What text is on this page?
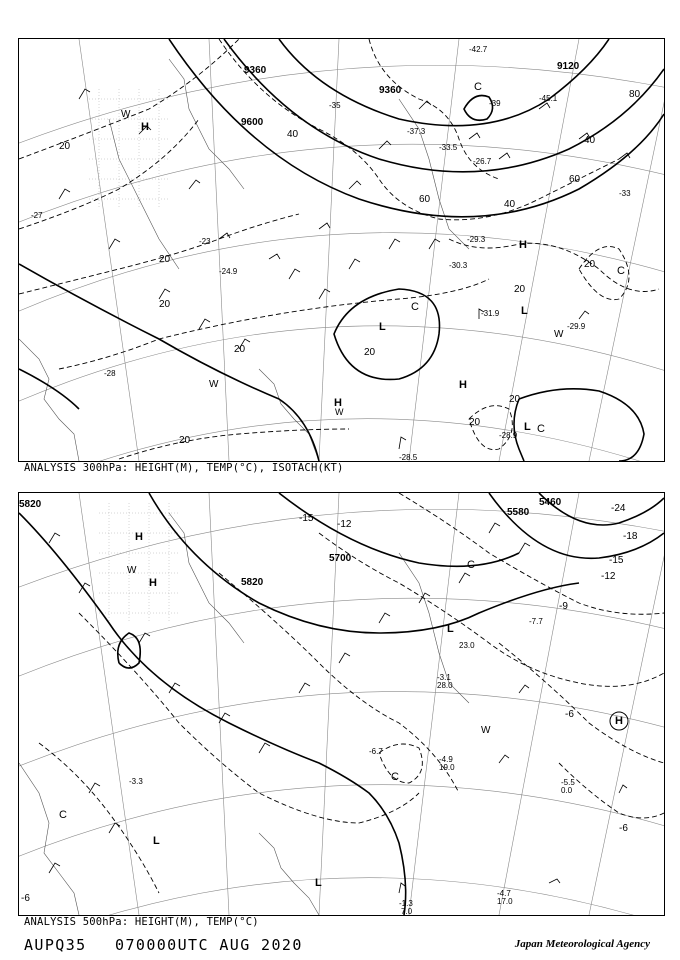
9360
9360
9600
9120
20
20
20
20
20
40
40
40
60
60
80
20
20
20
20
20
-28.5
-31.9
-29.9
-33.5
-37.3
-26.7
-29.3
-30.3
-28.9
-24.9
-27
-23
-33
-35	-39
-42.7
-45.1
-28
H
H
H
W
H
L
L
L
C
C
W
W
W
C
C
ANALYSIS 300hPa: HEIGHT(M), TEMP(°C), ISOTACH(KT)
5460
5580
5700
5820
5820	-24
-18
-15
-12
-9
-6
-6
-6
-15
-12
-1.3
7.0
-4.7
17.0
-4.9
19.0
-5.5
0.0
-3.1
28.0
23.0
-7.7
-6.7
-3.3
H
H
H
L
L
L
W
W
C
C
C
ANALYSIS 500hPa: HEIGHT(M), TEMP(°C)
AUPQ35 070000UTC AUG 2020	Japan Meteorological Agency
